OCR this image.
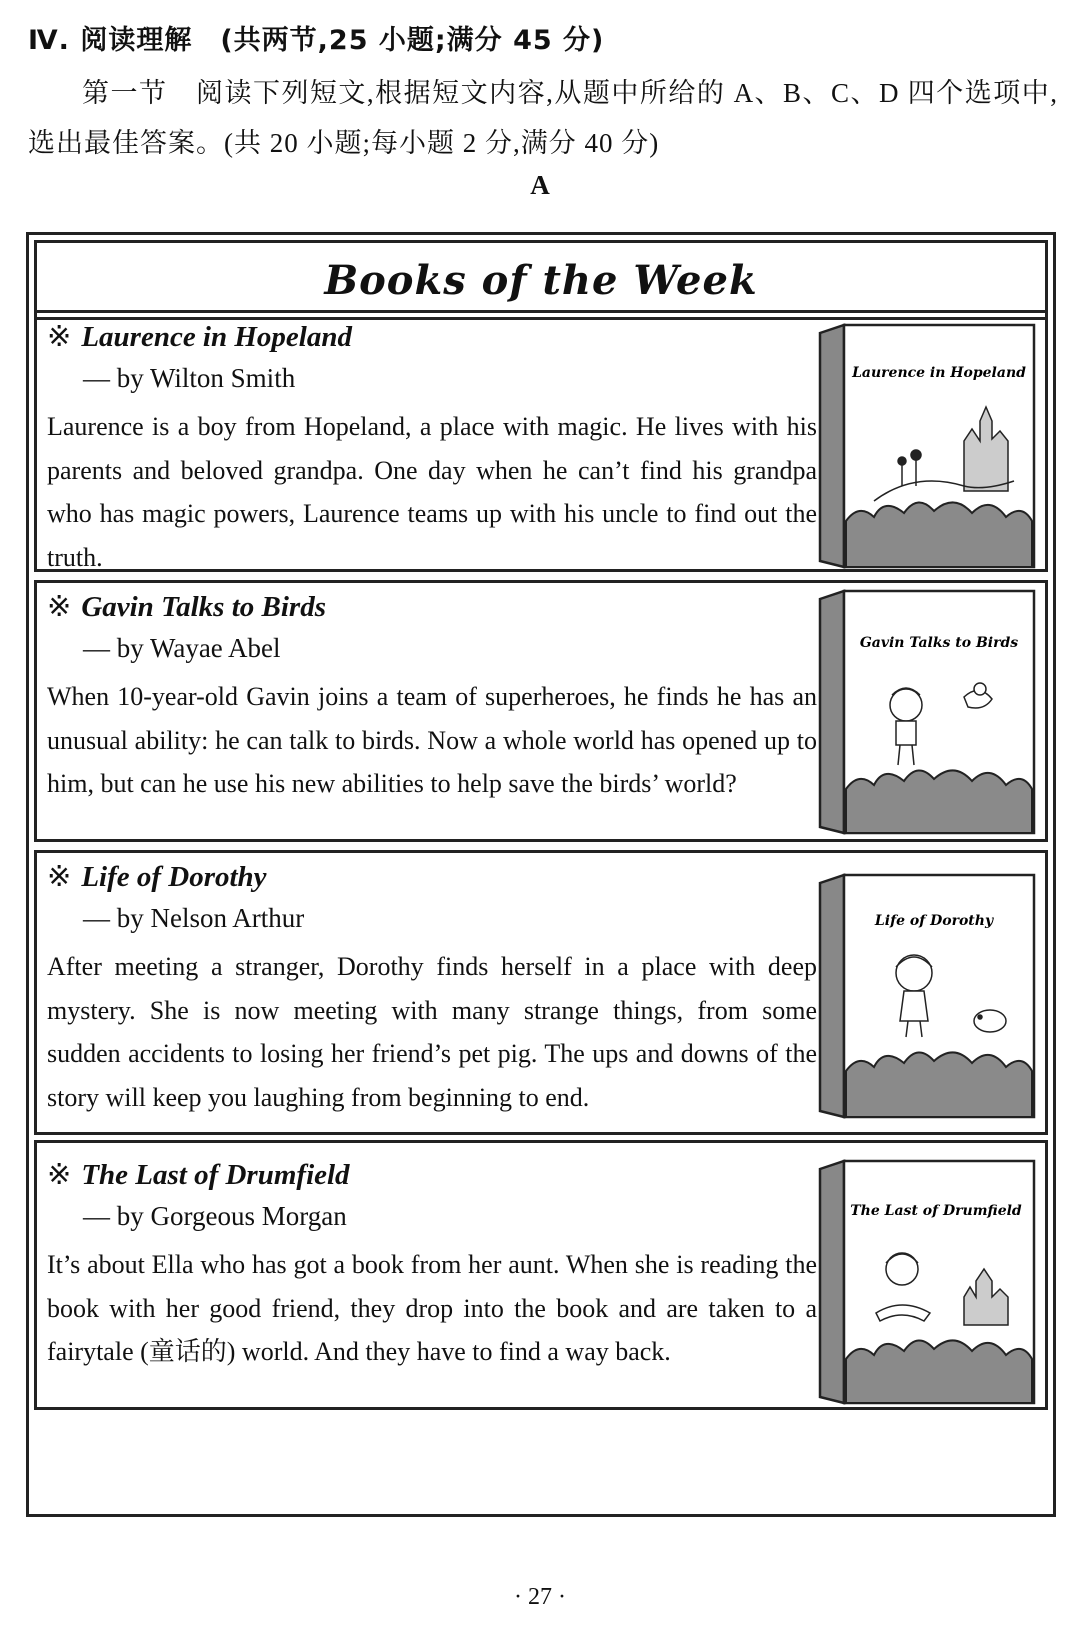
Ⅳ. 阅读理解　(共两节,25 小题;满分 45 分)
第一节　阅读下列短文,根据短文内容,从题中所给的 A、B、C、D 四个选项中,选出最佳答案。(共 20 小题;每小题 2 分,满分 40 分)
A
Books of the Week
※ Laurence in Hopeland
— by Wilton Smith
Laurence is a boy from Hopeland, a place with magic. He lives with his parents and beloved grandpa. One day when he can’t find his grandpa who has magic powers, Laurence teams up with his uncle to find out the truth.
Laurence in Hopeland
※ Gavin Talks to Birds
— by Wayae Abel
When 10-year-old Gavin joins a team of superheroes, he finds he has an unusual ability: he can talk to birds. Now a whole world has opened up to him, but can he use his new abilities to help save the birds’ world?
Gavin Talks to Birds
※ Life of Dorothy
— by Nelson Arthur
After meeting a stranger, Dorothy finds herself in a place with deep mystery. She is now meeting with many strange things, from some sudden accidents to losing her friend’s pet pig. The ups and downs of the story will keep you laughing from beginning to end.
Life of Dorothy
※ The Last of Drumfield
— by Gorgeous Morgan
It’s about Ella who has got a book from her aunt. When she is reading the book with her good friend, they drop into the book and are taken to a fairytale (童话的) world. And they have to find a way back.
The Last of Drumfield
· 27 ·
